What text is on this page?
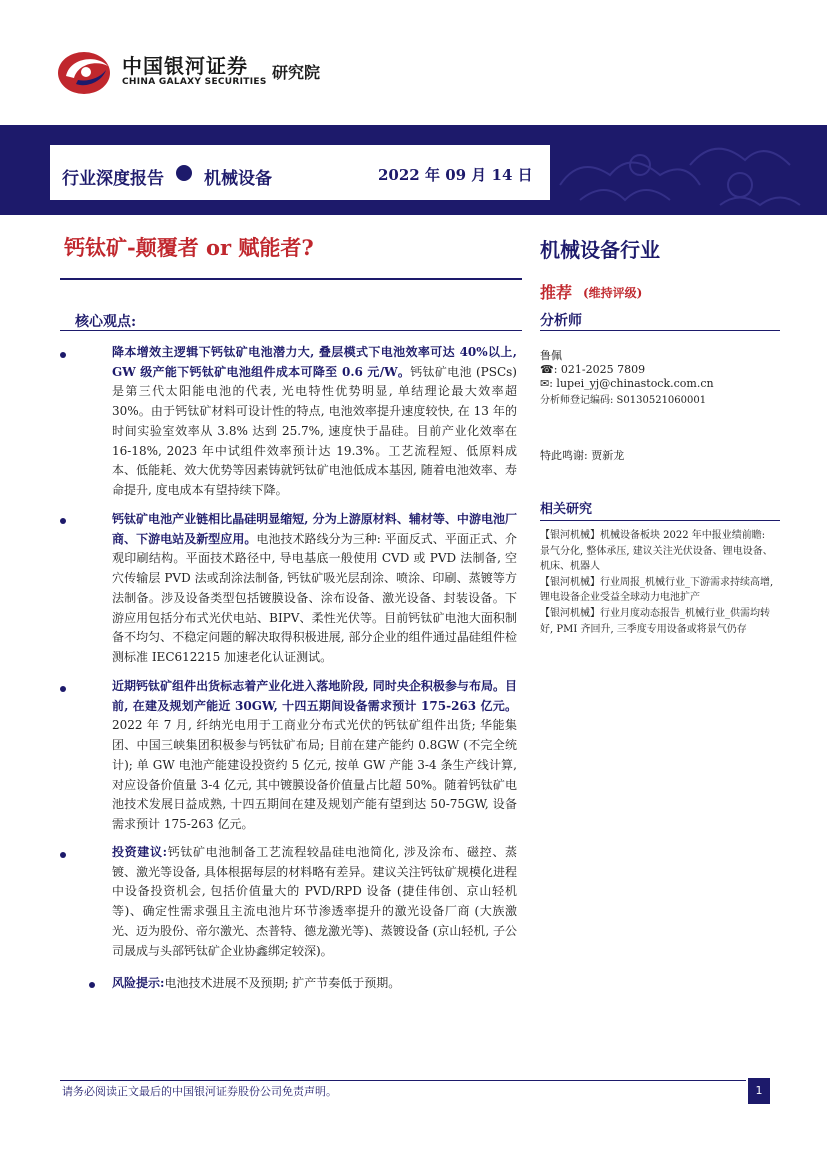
中国银河证券
CHINA GALAXY SECURITIES 研究院
行业深度报告 机械设备	2022 年 09 月 14 日
钙钛矿-颠覆者 or 赋能者?	机械设备行业
推荐 (维持评级)
分析师
鲁佩
☎: 021-2025 7809
✉: lupei_yj@chinastock.com.cn
分析师登记编码: S0130521060001
特此鸣谢: 贾新龙
相关研究
【银河机械】机械设备板块 2022 年中报业绩前瞻: 景气分化, 整体承压, 建议关注光伏设备、锂电设备、机床、机器人
【银河机械】行业周报_机械行业_下游需求持续高增, 锂电设备企业受益全球动力电池扩产
【银河机械】行业月度动态报告_机械行业_供需均转好, PMI 齐回升, 三季度专用设备或将景气仍存
核心观点:
降本增效主逻辑下钙钛矿电池潜力大, 叠层模式下电池效率可达 40%以上, GW 级产能下钙钛矿电池组件成本可降至 0.6 元/W。钙钛矿电池 (PSCs) 是第三代太阳能电池的代表, 光电特性优势明显, 单结理论最大效率超 30%。由于钙钛矿材料可设计性的特点, 电池效率提升速度较快, 在 13 年的时间实验室效率从 3.8% 达到 25.7%, 速度快于晶硅。目前产业化效率在 16-18%, 2023 年中试组件效率预计达 19.3%。工艺流程短、低原料成本、低能耗、效大优势等因素铸就钙钛矿电池低成本基因, 随着电池效率、寿命提升, 度电成本有望持续下降。
钙钛矿电池产业链相比晶硅明显缩短, 分为上游原材料、辅材等、中游电池厂商、下游电站及新型应用。电池技术路线分为三种: 平面反式、平面正式、介观印刷结构。平面技术路径中, 导电基底一般使用 CVD 或 PVD 法制备, 空穴传输层 PVD 法或刮涂法制备, 钙钛矿吸光层刮涂、喷涂、印刷、蒸镀等方法制备。涉及设备类型包括镀膜设备、涂布设备、激光设备、封装设备。下游应用包括分布式光伏电站、BIPV、柔性光伏等。目前钙钛矿电池大面积制备不均匀、不稳定问题的解决取得积极进展, 部分企业的组件通过晶硅组件检测标准 IEC612215 加速老化认证测试。
近期钙钛矿组件出货标志着产业化进入落地阶段, 同时央企积极参与布局。目前, 在建及规划产能近 30GW, 十四五期间设备需求预计 175-263 亿元。2022 年 7 月, 纤纳光电用于工商业分布式光伏的钙钛矿组件出货; 华能集团、中国三峡集团积极参与钙钛矿布局; 目前在建产能约 0.8GW (不完全统计); 单 GW 电池产能建设投资约 5 亿元, 按单 GW 产能 3-4 条生产线计算, 对应设备价值量 3-4 亿元, 其中镀膜设备价值量占比超 50%。随着钙钛矿电池技术发展日益成熟, 十四五期间在建及规划产能有望到达 50-75GW, 设备需求预计 175-263 亿元。
投资建议:钙钛矿电池制备工艺流程较晶硅电池简化, 涉及涂布、磁控、蒸镀、激光等设备, 具体根据每层的材料略有差异。建议关注钙钛矿规模化进程中设备投资机会, 包括价值量大的 PVD/RPD 设备 (捷佳伟创、京山轻机等)、确定性需求强且主流电池片环节渗透率提升的激光设备厂商 (大族激光、迈为股份、帝尔激光、杰普特、德龙激光等)、蒸镀设备 (京山轻机, 子公司晟成与头部钙钛矿企业协鑫绑定较深)。
风险提示:电池技术进展不及预期; 扩产节奏低于预期。
请务必阅读正文最后的中国银河证券股份公司免责声明。	1
